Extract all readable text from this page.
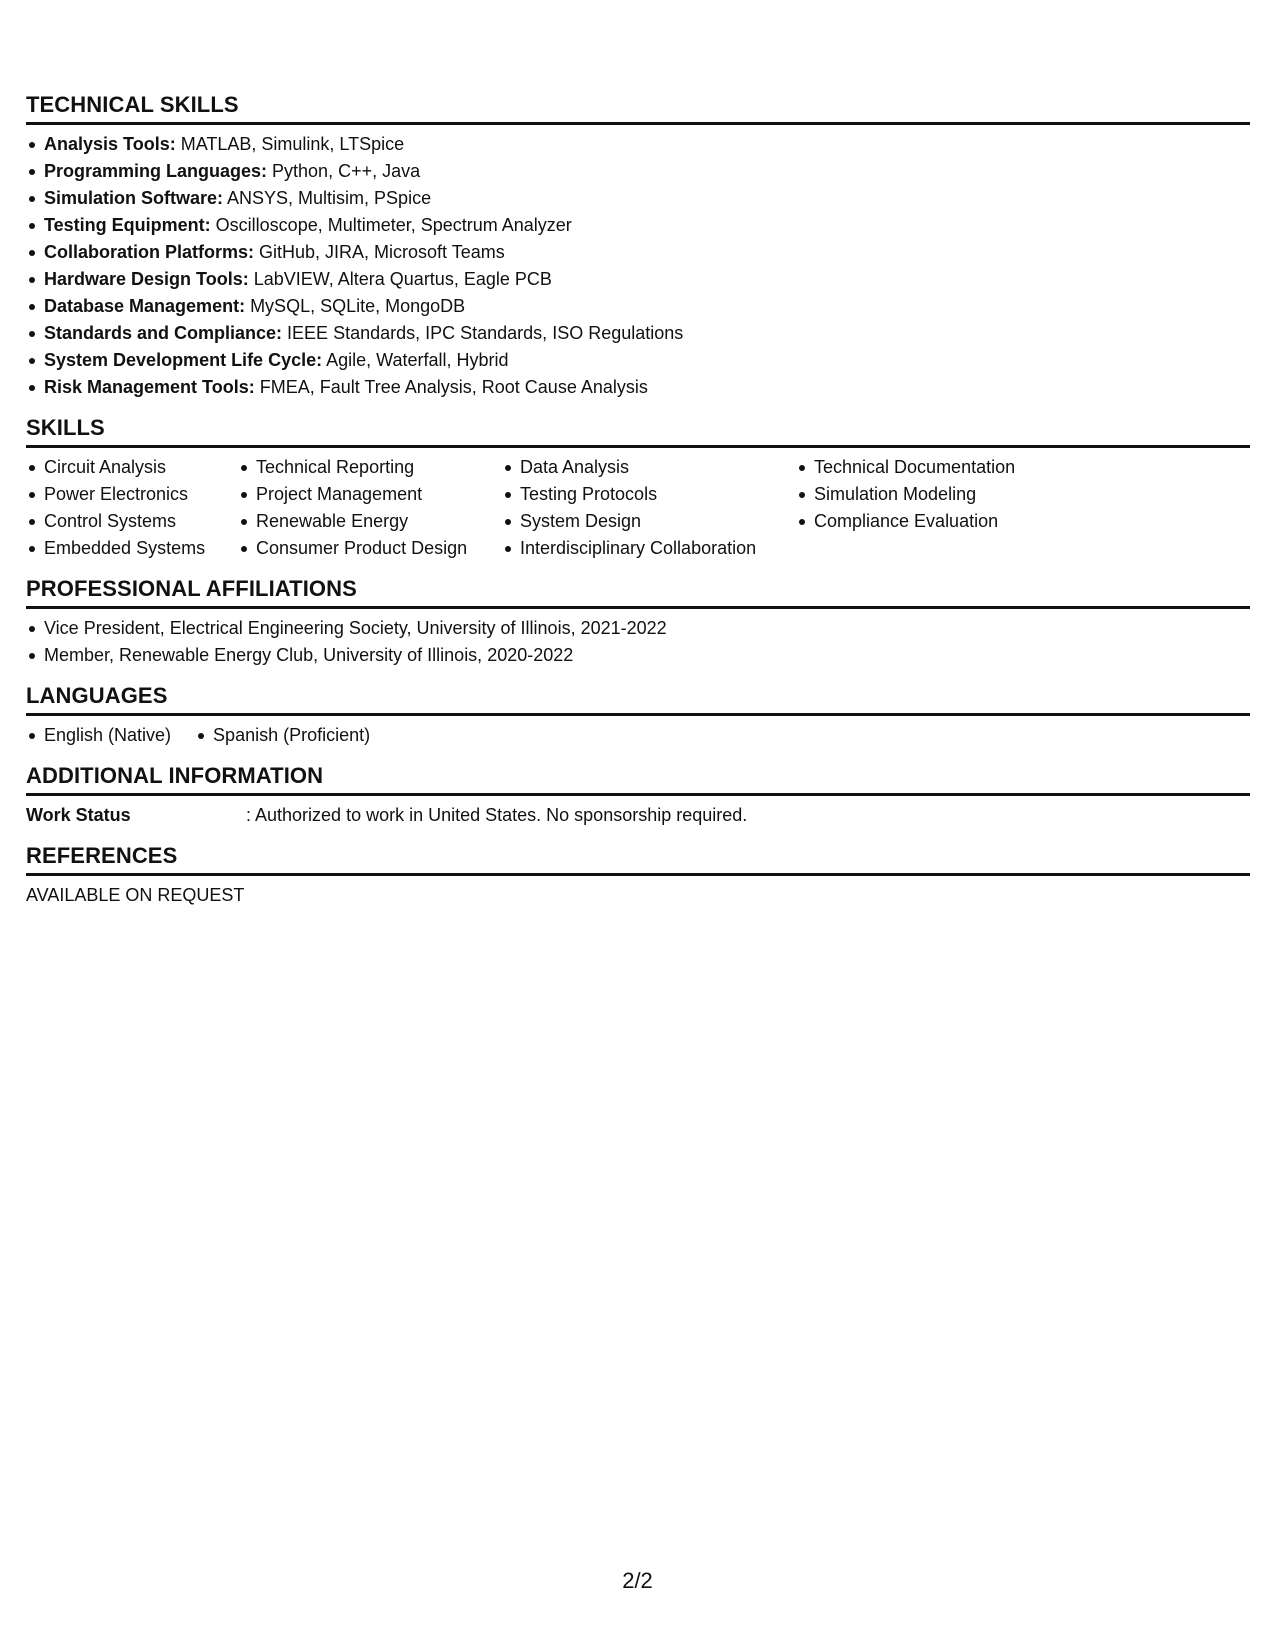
TECHNICAL SKILLS
Analysis Tools: MATLAB, Simulink, LTSpice
Programming Languages: Python, C++, Java
Simulation Software: ANSYS, Multisim, PSpice
Testing Equipment: Oscilloscope, Multimeter, Spectrum Analyzer
Collaboration Platforms: GitHub, JIRA, Microsoft Teams
Hardware Design Tools: LabVIEW, Altera Quartus, Eagle PCB
Database Management: MySQL, SQLite, MongoDB
Standards and Compliance: IEEE Standards, IPC Standards, ISO Regulations
System Development Life Cycle: Agile, Waterfall, Hybrid
Risk Management Tools: FMEA, Fault Tree Analysis, Root Cause Analysis
SKILLS
Circuit Analysis
Power Electronics
Control Systems
Embedded Systems
Technical Reporting
Project Management
Renewable Energy
Consumer Product Design
Data Analysis
Testing Protocols
System Design
Interdisciplinary Collaboration
Technical Documentation
Simulation Modeling
Compliance Evaluation
PROFESSIONAL AFFILIATIONS
Vice President, Electrical Engineering Society, University of Illinois, 2021-2022
Member, Renewable Energy Club, University of Illinois, 2020-2022
LANGUAGES
English (Native)	Spanish (Proficient)
ADDITIONAL INFORMATION
Work Status	: Authorized to work in United States. No sponsorship required.
REFERENCES
AVAILABLE ON REQUEST
2/2
